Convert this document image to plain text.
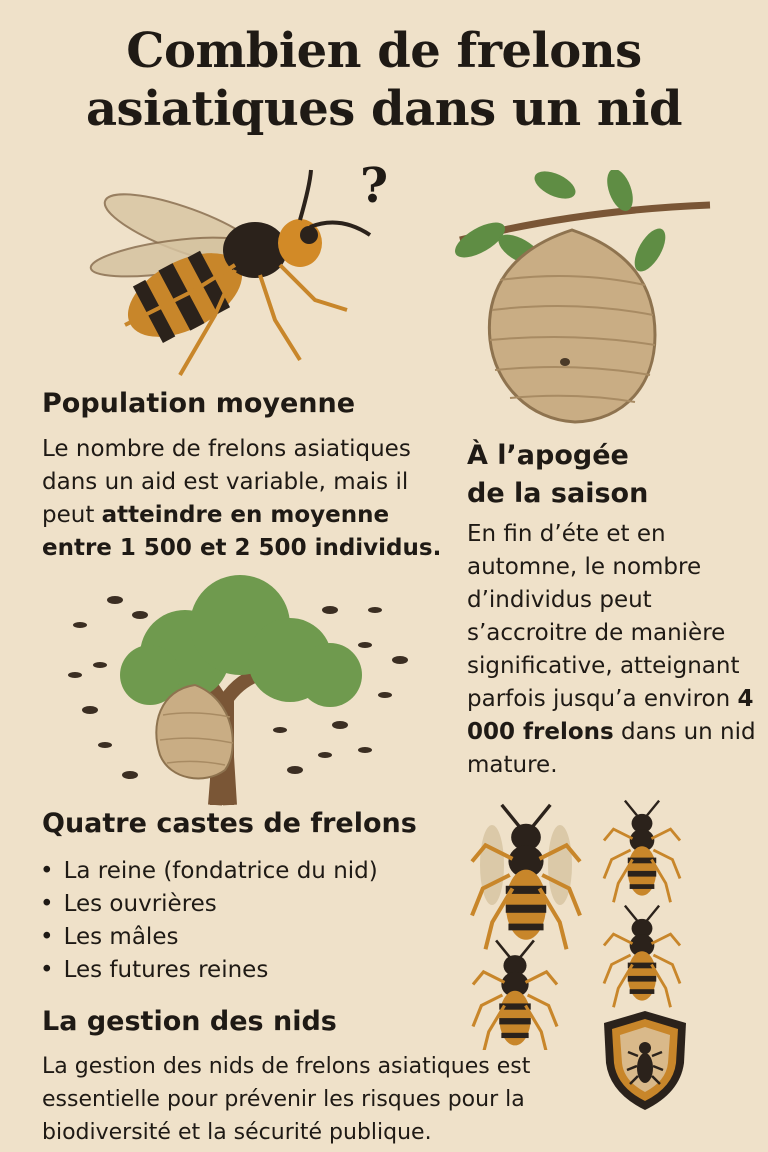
Combien de frelons asiatiques dans un nid
?
Population moyenne
Le nombre de frelons asiatiques dans un aid est variable, mais il peut atteindre en moyenne entre 1 500 et 2 500 individus.
À l’apogée
de la saison
En fin d’éte et en automne, le nombre d’individus peut s’accroitre de manière significative, atteignant parfois jusqu’a environ 4 000 frelons dans un nid mature.
Quatre castes de frelons
• La reine (fondatrice du nid)
• Les ouvrières
• Les mâles
• Les futures reines
La gestion des nids
La gestion des nids de frelons asiatiques est essentielle pour prévenir les risques pour la biodiversité et la sécurité publique.
